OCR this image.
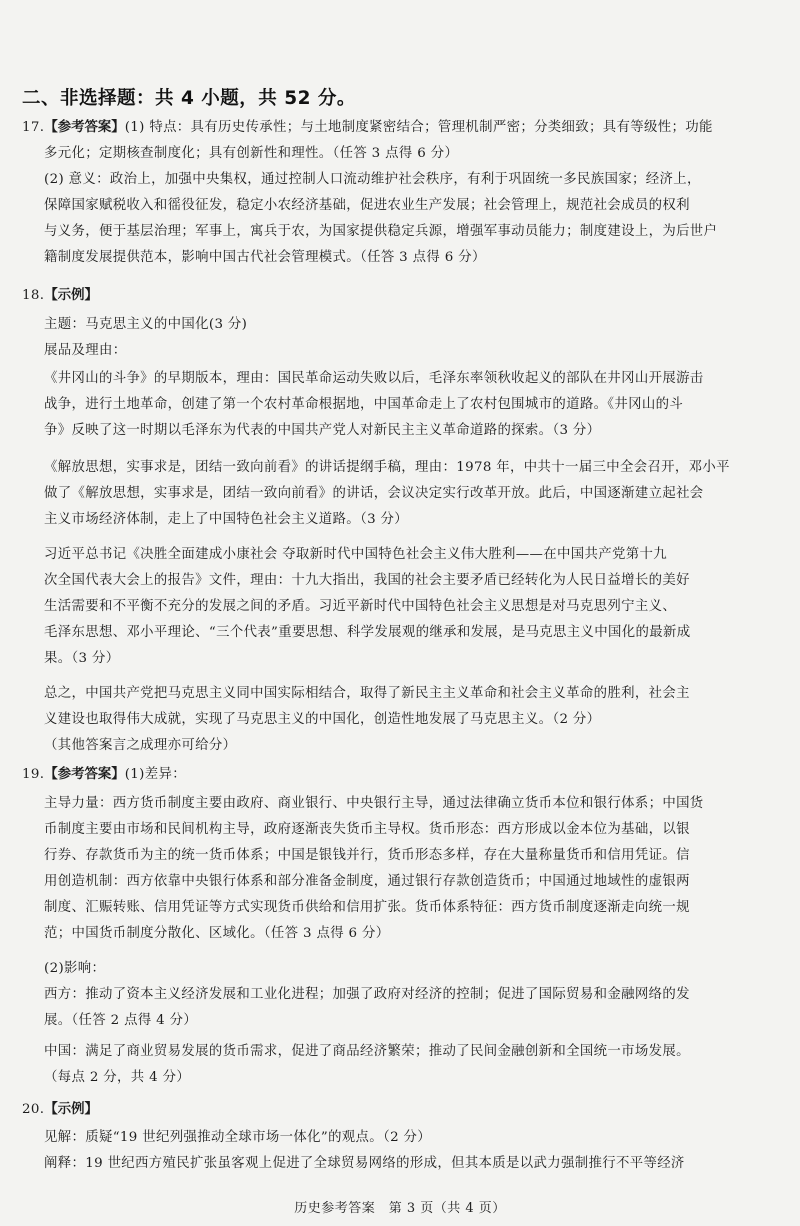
二、非选择题：共 4 小题，共 52 分。
17.【参考答案】(1) 特点：具有历史传承性；与土地制度紧密结合；管理机制严密；分类细致；具有等级性；功能
多元化；定期核查制度化；具有创新性和理性。（任答 3 点得 6 分）
(2) 意义：政治上，加强中央集权，通过控制人口流动维护社会秩序，有利于巩固统一多民族国家；经济上，
保障国家赋税收入和徭役征发，稳定小农经济基础，促进农业生产发展；社会管理上，规范社会成员的权利
与义务，便于基层治理；军事上，寓兵于农，为国家提供稳定兵源，增强军事动员能力；制度建设上，为后世户
籍制度发展提供范本，影响中国古代社会管理模式。（任答 3 点得 6 分）
18.【示例】
主题：马克思主义的中国化(3 分)
展品及理由：
《井冈山的斗争》的早期版本，理由：国民革命运动失败以后，毛泽东率领秋收起义的部队在井冈山开展游击
战争，进行土地革命，创建了第一个农村革命根据地，中国革命走上了农村包围城市的道路。《井冈山的斗
争》反映了这一时期以毛泽东为代表的中国共产党人对新民主主义革命道路的探索。（3 分）
《解放思想，实事求是，团结一致向前看》的讲话提纲手稿，理由：1978 年，中共十一届三中全会召开，邓小平
做了《解放思想，实事求是，团结一致向前看》的讲话，会议决定实行改革开放。此后，中国逐渐建立起社会
主义市场经济体制，走上了中国特色社会主义道路。（3 分）
习近平总书记《决胜全面建成小康社会 夺取新时代中国特色社会主义伟大胜利——在中国共产党第十九
次全国代表大会上的报告》文件，理由：十九大指出，我国的社会主要矛盾已经转化为人民日益增长的美好
生活需要和不平衡不充分的发展之间的矛盾。习近平新时代中国特色社会主义思想是对马克思列宁主义、
毛泽东思想、邓小平理论、“三个代表”重要思想、科学发展观的继承和发展，是马克思主义中国化的最新成
果。（3 分）
总之，中国共产党把马克思主义同中国实际相结合，取得了新民主主义革命和社会主义革命的胜利，社会主
义建设也取得伟大成就，实现了马克思主义的中国化，创造性地发展了马克思主义。（2 分）
（其他答案言之成理亦可给分）
19.【参考答案】(1)差异：
主导力量：西方货币制度主要由政府、商业银行、中央银行主导，通过法律确立货币本位和银行体系；中国货
币制度主要由市场和民间机构主导，政府逐渐丧失货币主导权。货币形态：西方形成以金本位为基础，以银
行券、存款货币为主的统一货币体系；中国是银钱并行，货币形态多样，存在大量称量货币和信用凭证。信
用创造机制：西方依靠中央银行体系和部分准备金制度，通过银行存款创造货币；中国通过地域性的虚银两
制度、汇赈转账、信用凭证等方式实现货币供给和信用扩张。货币体系特征：西方货币制度逐渐走向统一规
范；中国货币制度分散化、区域化。（任答 3 点得 6 分）
(2)影响：
西方：推动了资本主义经济发展和工业化进程；加强了政府对经济的控制；促进了国际贸易和金融网络的发
展。（任答 2 点得 4 分）
中国：满足了商业贸易发展的货币需求，促进了商品经济繁荣；推动了民间金融创新和全国统一市场发展。
（每点 2 分，共 4 分）
20.【示例】
见解：质疑“19 世纪列强推动全球市场一体化”的观点。（2 分）
阐释：19 世纪西方殖民扩张虽客观上促进了全球贸易网络的形成，但其本质是以武力强制推行不平等经济
历史参考答案　第 3 页（共 4 页）
